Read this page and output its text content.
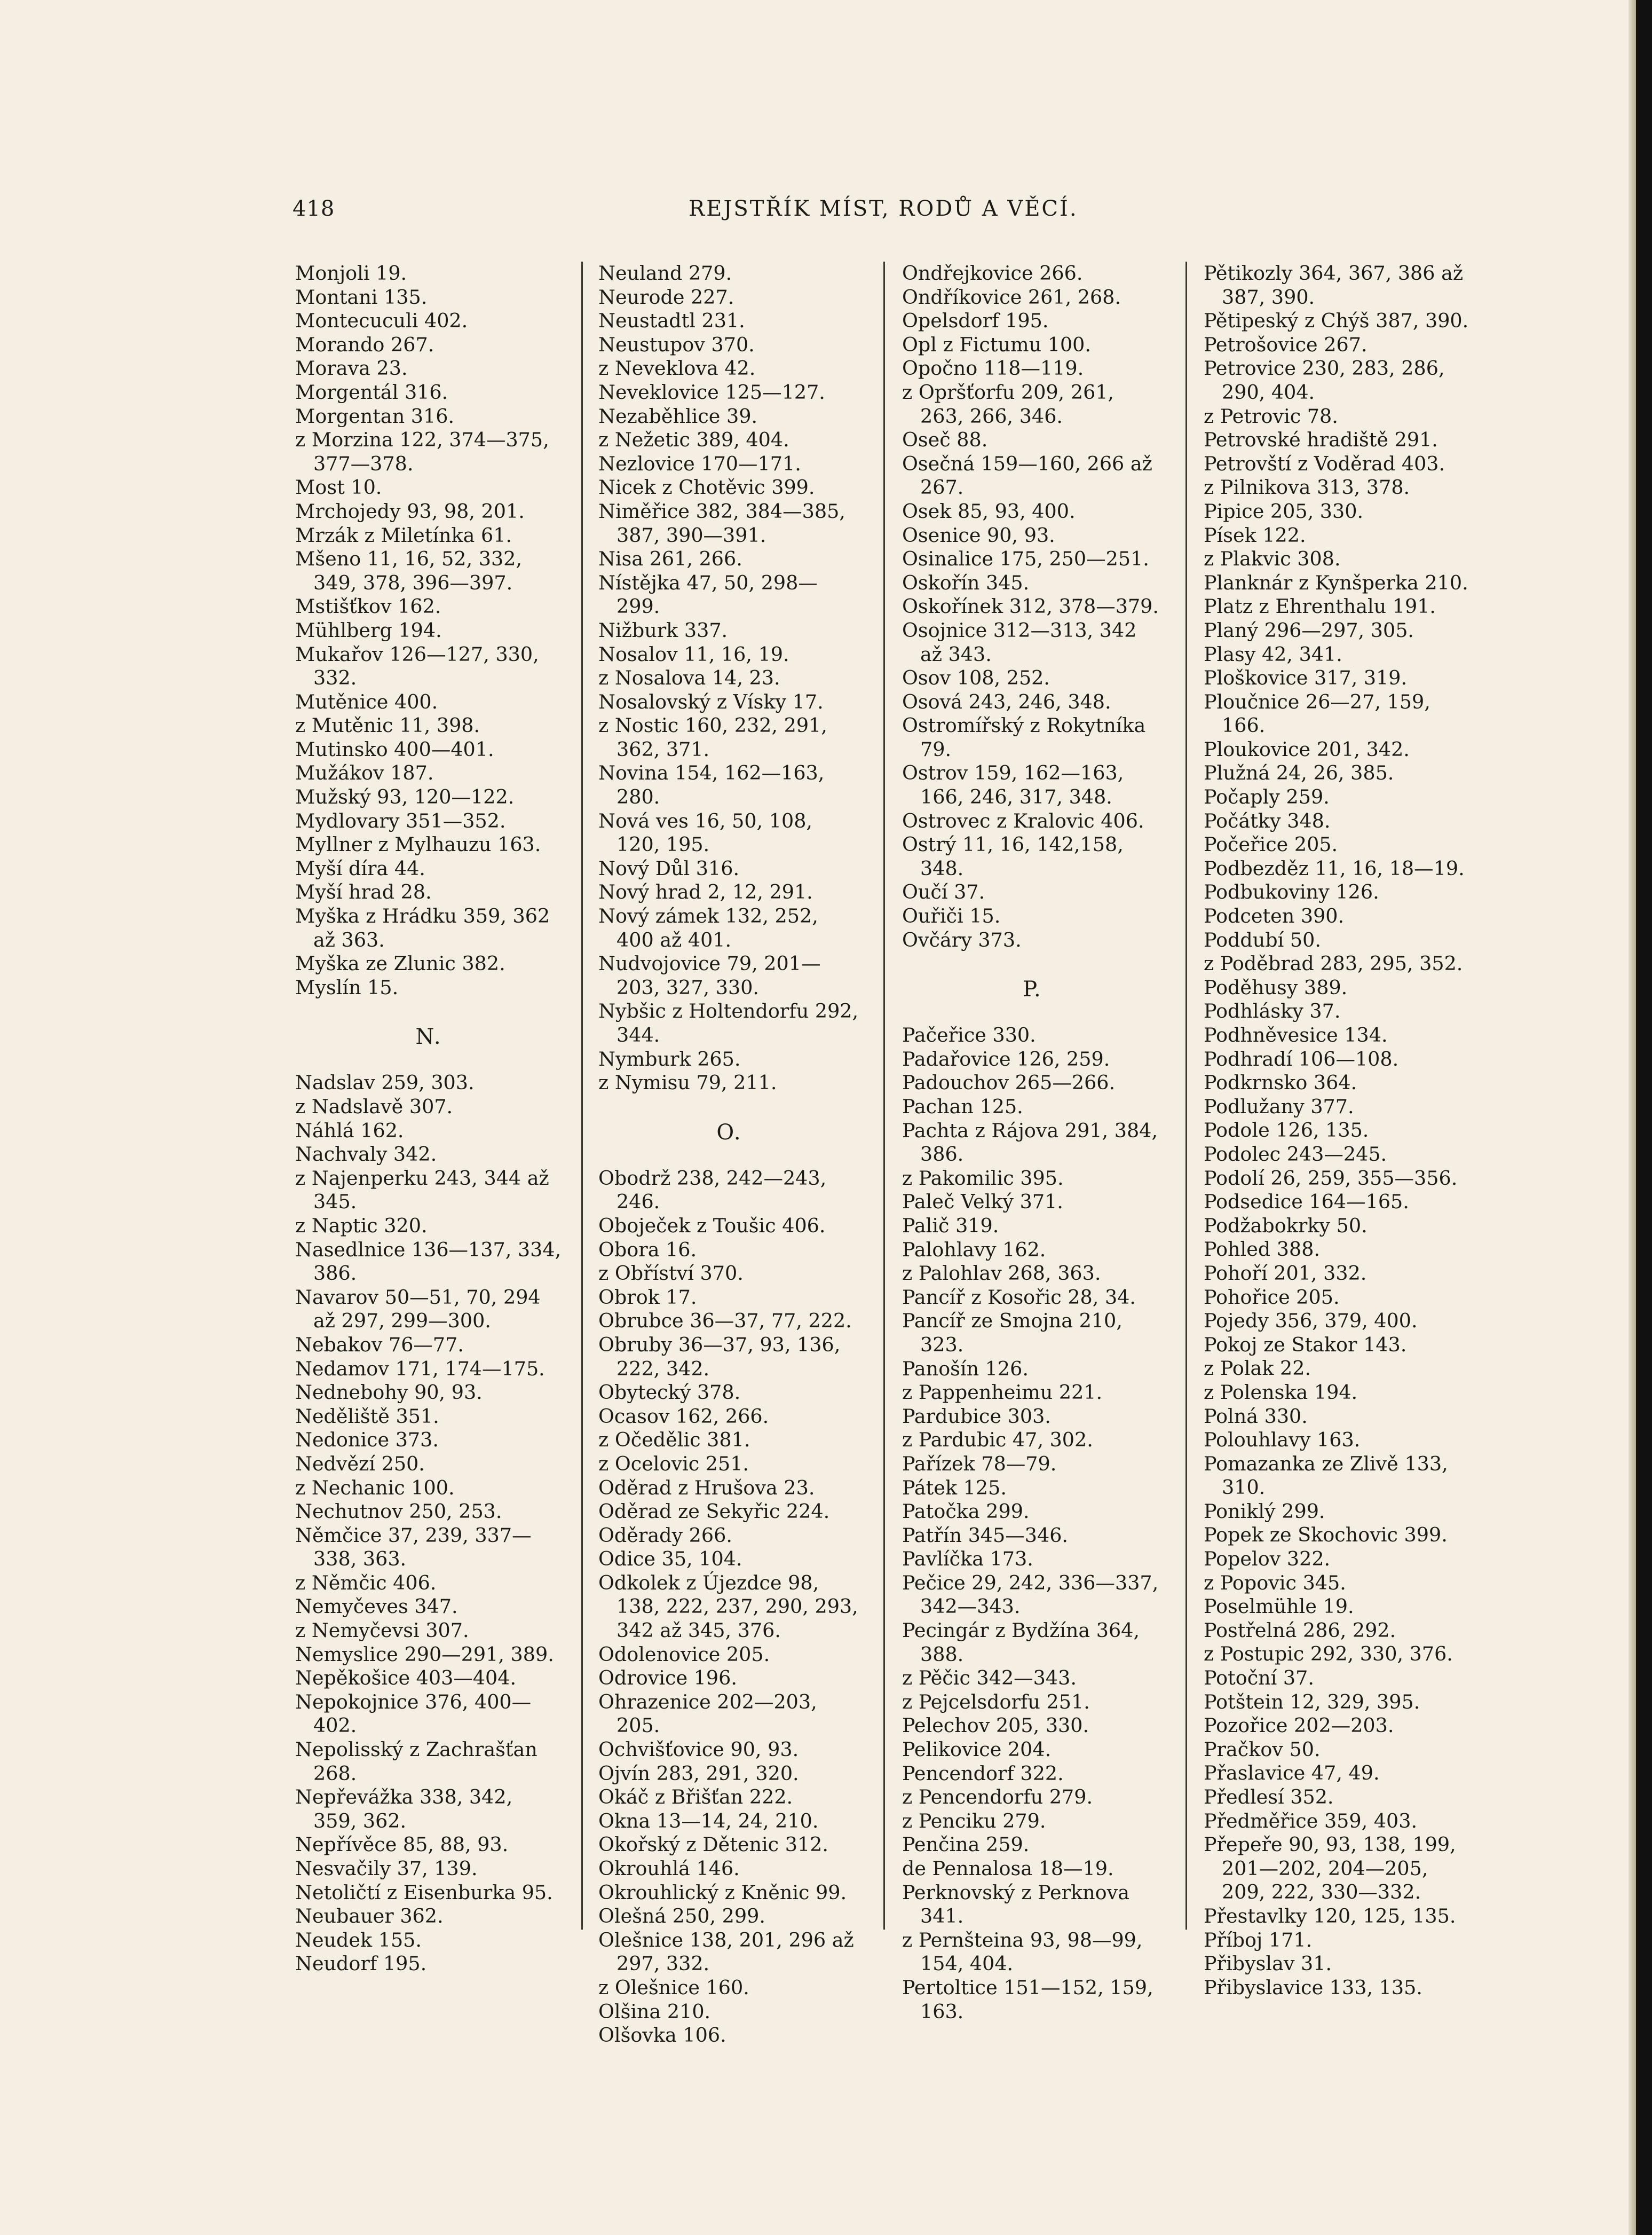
418	REJSTŘÍK MÍST, RODŮ A VĚCÍ.
Monjoli 19.
Montani 135.
Montecuculi 402.
Morando 267.
Morava 23.
Morgentál 316.
Morgentan 316.
z Morzina 122, 374—375, 377—378.
Most 10.
Mrchojedy 93, 98, 201.
Mrzák z Miletínka 61.
Mšeno 11, 16, 52, 332, 349, 378, 396—397.
Mstišťkov 162.
Mühlberg 194.
Mukařov 126—127, 330, 332.
Mutěnice 400.
z Mutěnic 11, 398.
Mutinsko 400—401.
Mužákov 187.
Mužský 93, 120—122.
Mydlovary 351—352.
Myllner z Mylhauzu 163.
Myší díra 44.
Myší hrad 28.
Myška z Hrádku 359, 362 až 363.
Myška ze Zlunic 382.
Myslín 15.
N.
Nadslav 259, 303.
z Nadslavě 307.
Náhlá 162.
Nachvaly 342.
z Najenperku 243, 344 až 345.
z Naptic 320.
Nasedlnice 136—137, 334, 386.
Navarov 50—51, 70, 294 až 297, 299—300.
Nebakov 76—77.
Nedamov 171, 174—175.
Nednebohy 90, 93.
Neděliště 351.
Nedonice 373.
Nedvězí 250.
z Nechanic 100.
Nechutnov 250, 253.
Němčice 37, 239, 337—338, 363.
z Němčic 406.
Nemyčeves 347.
z Nemyčevsi 307.
Nemyslice 290—291, 389.
Nepěkošice 403—404.
Nepokojnice 376, 400—402.
Nepolisský z Zachrašťan 268.
Nepřevážka 338, 342, 359, 362.
Nepřívěce 85, 88, 93.
Nesvačily 37, 139.
Netoličtí z Eisenburka 95.
Neubauer 362.
Neudek 155.
Neudorf 195.
Neuland 279.
Neurode 227.
Neustadtl 231.
Neustupov 370.
z Neveklova 42.
Neveklovice 125—127.
Nezaběhlice 39.
z Nežetic 389, 404.
Nezlovice 170—171.
Nicek z Chotěvic 399.
Niměřice 382, 384—385, 387, 390—391.
Nisa 261, 266.
Nístějka 47, 50, 298—299.
Nižburk 337.
Nosalov 11, 16, 19.
z Nosalova 14, 23.
Nosalovský z Vísky 17.
z Nostic 160, 232, 291, 362, 371.
Novina 154, 162—163, 280.
Nová ves 16, 50, 108, 120, 195.
Nový Důl 316.
Nový hrad 2, 12, 291.
Nový zámek 132, 252, 400 až 401.
Nudvojovice 79, 201—203, 327, 330.
Nybšic z Holtendorfu 292, 344.
Nymburk 265.
z Nymisu 79, 211.
O.
Obodrž 238, 242—243, 246.
Oboječek z Toušic 406.
Obora 16.
z Obříství 370.
Obrok 17.
Obrubce 36—37, 77, 222.
Obruby 36—37, 93, 136, 222, 342.
Obytecký 378.
Ocasov 162, 266.
z Očedělic 381.
z Ocelovic 251.
Oděrad z Hrušova 23.
Oděrad ze Sekyřic 224.
Oděrady 266.
Odice 35, 104.
Odkolek z Újezdce 98, 138, 222, 237, 290, 293, 342 až 345, 376.
Odolenovice 205.
Odrovice 196.
Ohrazenice 202—203, 205.
Ochvišťovice 90, 93.
Ojvín 283, 291, 320.
Okáč z Břišťan 222.
Okna 13—14, 24, 210.
Okořský z Dětenic 312.
Okrouhlá 146.
Okrouhlický z Kněnic 99.
Olešná 250, 299.
Olešnice 138, 201, 296 až 297, 332.
z Olešnice 160.
Olšina 210.
Olšovka 106.
Ondřejkovice 266.
Ondříkovice 261, 268.
Opelsdorf 195.
Opl z Fictumu 100.
Opočno 118—119.
z Opršťorfu 209, 261, 263, 266, 346.
Oseč 88.
Osečná 159—160, 266 až 267.
Osek 85, 93, 400.
Osenice 90, 93.
Osinalice 175, 250—251.
Oskořín 345.
Oskořínek 312, 378—379.
Osojnice 312—313, 342 až 343.
Osov 108, 252.
Osová 243, 246, 348.
Ostromířský z Rokytníka 79.
Ostrov 159, 162—163, 166, 246, 317, 348.
Ostrovec z Kralovic 406.
Ostrý 11, 16, 142,158, 348.
Oučí 37.
Ouřiči 15.
Ovčáry 373.
P.
Pačeřice 330.
Padařovice 126, 259.
Padouchov 265—266.
Pachan 125.
Pachta z Rájova 291, 384, 386.
z Pakomilic 395.
Paleč Velký 371.
Palič 319.
Palohlavy 162.
z Palohlav 268, 363.
Pancíř z Kosořic 28, 34.
Pancíř ze Smojna 210, 323.
Panošín 126.
z Pappenheimu 221.
Pardubice 303.
z Pardubic 47, 302.
Pařízek 78—79.
Pátek 125.
Patočka 299.
Patřín 345—346.
Pavlíčka 173.
Pečice 29, 242, 336—337, 342—343.
Pecingár z Bydžína 364, 388.
z Pěčic 342—343.
z Pejcelsdorfu 251.
Pelechov 205, 330.
Pelikovice 204.
Pencendorf 322.
z Pencendorfu 279.
z Penciku 279.
Penčina 259.
de Pennalosa 18—19.
Perknovský z Perknova 341.
z Pernšteina 93, 98—99, 154, 404.
Pertoltice 151—152, 159, 163.
Pětikozly 364, 367, 386 až 387, 390.
Pětipeský z Chýš 387, 390.
Petrošovice 267.
Petrovice 230, 283, 286, 290, 404.
z Petrovic 78.
Petrovské hradiště 291.
Petrovští z Voděrad 403.
z Pilnikova 313, 378.
Pipice 205, 330.
Písek 122.
z Plakvic 308.
Planknár z Kynšperka 210.
Platz z Ehrenthalu 191.
Planý 296—297, 305.
Plasy 42, 341.
Ploškovice 317, 319.
Ploučnice 26—27, 159, 166.
Ploukovice 201, 342.
Plužná 24, 26, 385.
Počaply 259.
Počátky 348.
Počeřice 205.
Podbezděz 11, 16, 18—19.
Podbukoviny 126.
Podceten 390.
Poddubí 50.
z Poděbrad 283, 295, 352.
Poděhusy 389.
Podhlásky 37.
Podhněvesice 134.
Podhradí 106—108.
Podkrnsko 364.
Podlužany 377.
Podole 126, 135.
Podolec 243—245.
Podolí 26, 259, 355—356.
Podsedice 164—165.
Podžabokrky 50.
Pohled 388.
Pohoří 201, 332.
Pohořice 205.
Pojedy 356, 379, 400.
Pokoj ze Stakor 143.
z Polak 22.
z Polenska 194.
Polná 330.
Polouhlavy 163.
Pomazanka ze Zlivě 133, 310.
Poniklý 299.
Popek ze Skochovic 399.
Popelov 322.
z Popovic 345.
Poselmühle 19.
Postřelná 286, 292.
z Postupic 292, 330, 376.
Potoční 37.
Potštein 12, 329, 395.
Pozořice 202—203.
Pračkov 50.
Přaslavice 47, 49.
Předlesí 352.
Předměřice 359, 403.
Přepeře 90, 93, 138, 199, 201—202, 204—205, 209, 222, 330—332.
Přestavlky 120, 125, 135.
Příboj 171.
Přibyslav 31.
Přibyslavice 133, 135.
